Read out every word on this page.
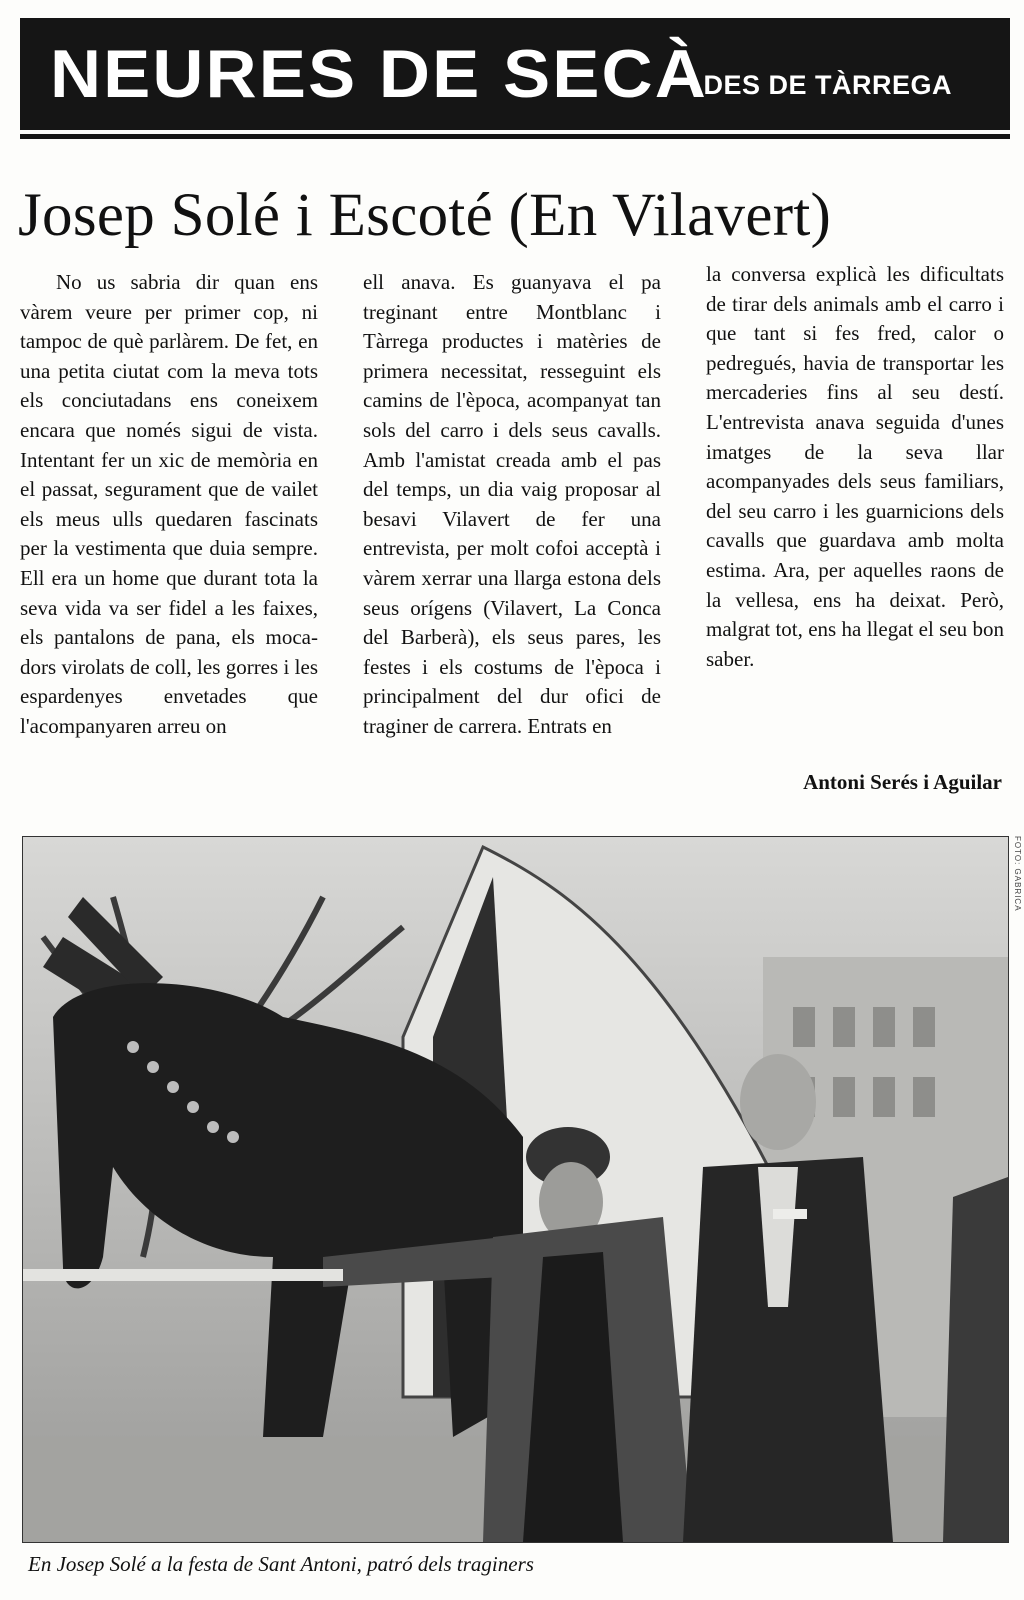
NEURES DE SECÀ
DES DE TÀRREGA
Josep Solé i Escoté (En Vilavert)

No us sabria dir quan ens vàrem veure per primer cop, ni tampoc de què parlàrem. De fet, en una petita ciutat com la meva tots els conciutadans ens coneixem encara que només sigui de vista. Intentant fer un xic de memòria en el passat, segurament que de vailet els meus ulls quedaren fascinats per la vestimenta que duia sempre. Ell era un home que durant tota la seva vida va ser fidel a les faixes, els pantalons de pana, els mocadors virolats de coll, les gorres i les espardenyes envetades que l'acompanyaren arreu on

ell anava. Es guanyava el pa treginant entre Montblanc i Tàrrega productes i matèries de primera necessitat, resseguint els camins de l'època, acompanyat tan sols del carro i dels seus cavalls. Amb l'amistat creada amb el pas del temps, un dia vaig proposar al besavi Vilavert de fer una entrevista, per molt cofoi acceptà i vàrem xerrar una llarga estona dels seus orígens (Vilavert, La Conca del Barberà), els seus pares, les festes i els costums de l'època i principalment del dur ofici de traginer de carrera. Entrats en

la conversa explicà les dificultats de tirar dels animals amb el carro i que tant si fes fred, calor o pedregués, havia de transportar les mercaderies fins al seu destí. L'entrevista anava seguida d'unes imatges de la seva llar acompanyades dels seus familiars, del seu carro i les guarnicions dels cavalls que guardava amb molta estima. Ara, per aquelles raons de la vellesa, ens ha deixat. Però, malgrat tot, ens ha llegat el seu bon saber.

Antoni Serés i Aguilar
FOTO: GABRICA
En Josep Solé a la festa de Sant Antoni, patró dels traginers
